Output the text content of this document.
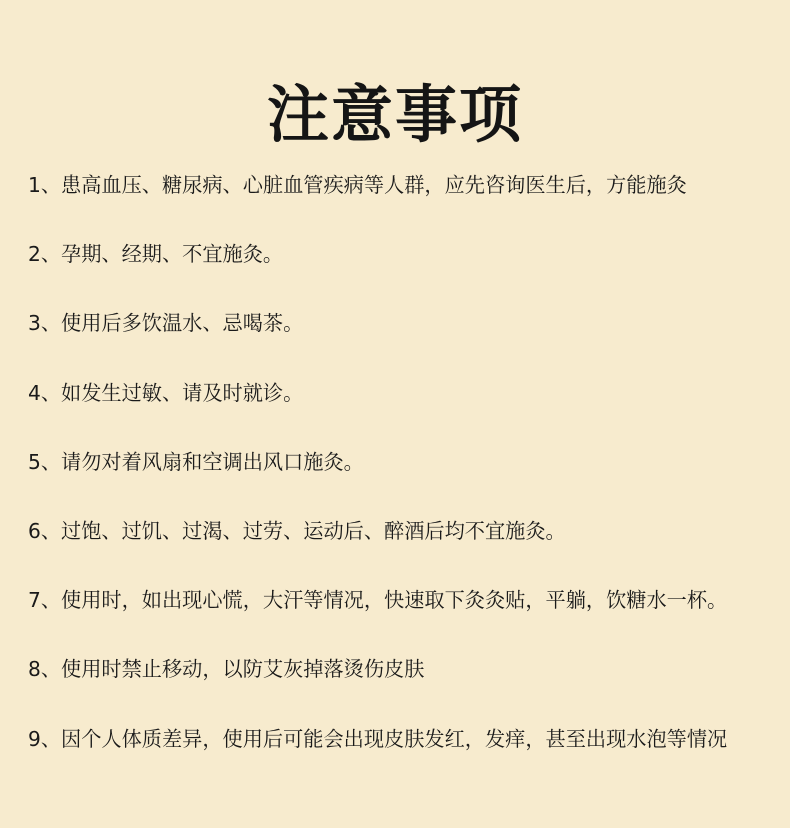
注意事项
1、患高血压、糖尿病、心脏血管疾病等人群，应先咨询医生后，方能施灸
2、孕期、经期、不宜施灸。
3、使用后多饮温水、忌喝茶。
4、如发生过敏、请及时就诊。
5、请勿对着风扇和空调出风口施灸。
6、过饱、过饥、过渴、过劳、运动后、醉酒后均不宜施灸。
7、使用时，如出现心慌，大汗等情况，快速取下灸灸贴，平躺，饮糖水一杯。
8、使用时禁止移动，以防艾灰掉落烫伤皮肤
9、因个人体质差异，使用后可能会出现皮肤发红，发痒，甚至出现水泡等情况
